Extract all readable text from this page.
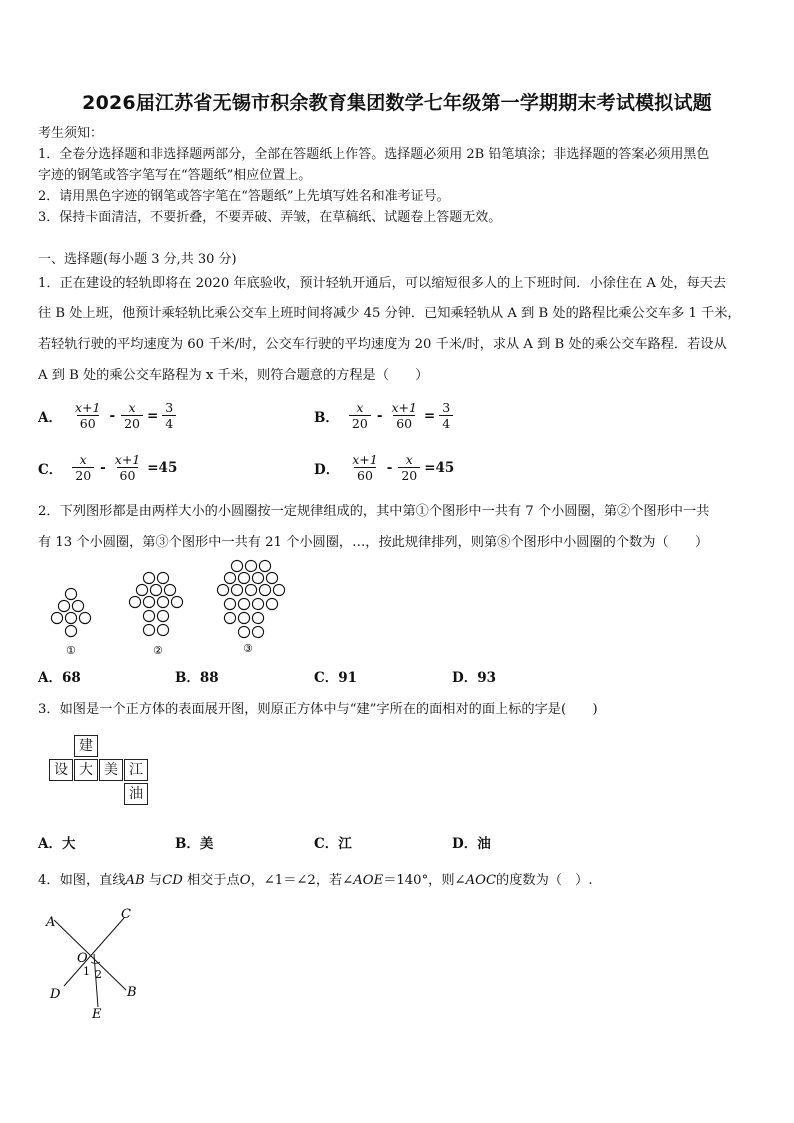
2026届江苏省无锡市积余教育集团数学七年级第一学期期末考试模拟试题
考生须知：
1．全卷分选择题和非选择题两部分，全部在答题纸上作答。选择题必须用 2B 铅笔填涂；非选择题的答案必须用黑色
字迹的钢笔或答字笔写在“答题纸”相应位置上。
2．请用黑色字迹的钢笔或答字笔在“答题纸”上先填写姓名和准考证号。
3．保持卡面清洁，不要折叠，不要弄破、弄皱，在草稿纸、试题卷上答题无效。
一、选择题(每小题 3 分,共 30 分)
1．正在建设的轻轨即将在 2020 年底验收，预计轻轨开通后，可以缩短很多人的上下班时间．小徐住在 A 处，每天去
往 B 处上班，他预计乘轻轨比乘公交车上班时间将减少 45 分钟．已知乘轻轨从 A 到 B 处的路程比乘公交车多 1 千米，
若轻轨行驶的平均速度为 60 千米/时，公交车行驶的平均速度为 20 千米/时，求从 A 到 B 处的乘公交车路程．若设从
A 到 B 处的乘公交车路程为 x 千米，则符合题意的方程是（　　）
A． $\frac{x+1}{60} - \frac{x}{20} = \frac{3}{4}$	B． $\frac{x}{20} - \frac{x+1}{60} = \frac{3}{4}$
C． $\frac{x}{20} - \frac{x+1}{60} =45$	D． $\frac{x+1}{60} - \frac{x}{20} =45$
2．下列图形都是由两样大小的小圆圈按一定规律组成的，其中第①个图形中一共有 7 个小圆圈，第②个图形中一共
有 13 个小圆圈，第③个图形中一共有 21 个小圆圈，…，按此规律排列，则第⑧个图形中小圆圈的个数为（　　）
①	②	③
A．68	B．88	C．91	D．93
3．如图是一个正方体的表面展开图，则原正方体中与“建”字所在的面相对的面上标的字是(　　)
建
设 大 美 江
油
A．大	B．美	C．江	D．油
4．如图，直线AB 与CD 相交于点O，∠1＝∠2，若∠AOE＝140°，则∠AOC的度数为（　）.
A
C
O
1 2
D	B
E
